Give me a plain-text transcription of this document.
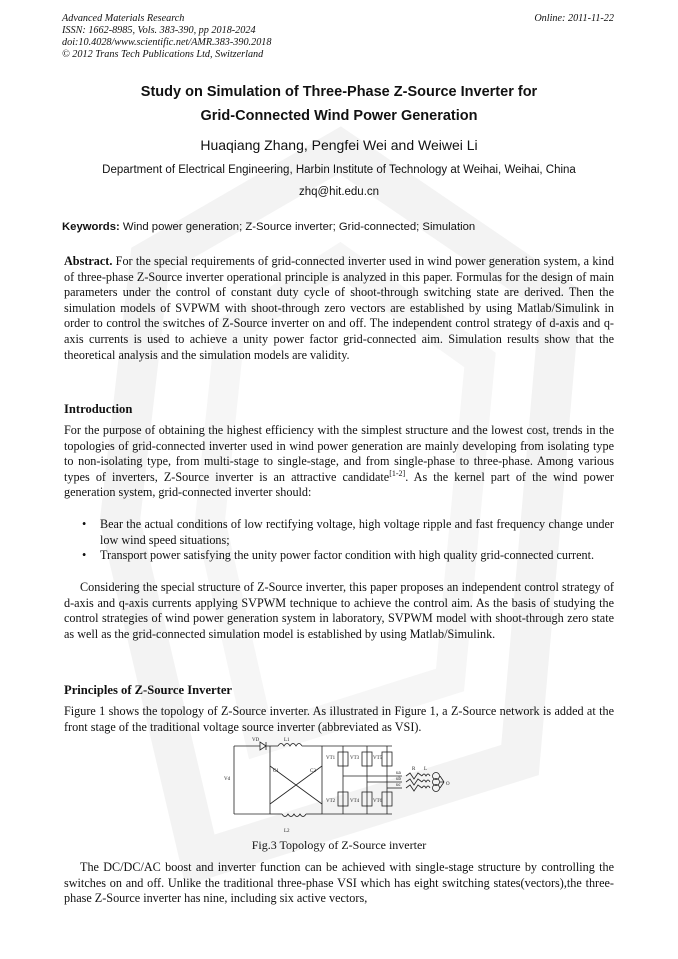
Advanced Materials Research
ISSN: 1662-8985, Vols. 383-390, pp 2018-2024
doi:10.4028/www.scientific.net/AMR.383-390.2018
© 2012 Trans Tech Publications Ltd, Switzerland
Online: 2011-11-22
Study on Simulation of Three-Phase Z-Source Inverter for
Grid-Connected Wind Power Generation
Huaqiang Zhang, Pengfei Wei and Weiwei Li
Department of Electrical Engineering, Harbin Institute of Technology at Weihai, Weihai, China
zhq@hit.edu.cn
Keywords: Wind power generation; Z-Source inverter; Grid-connected; Simulation
Abstract. For the special requirements of grid-connected inverter used in wind power generation system, a kind of three-phase Z-Source inverter operational principle is analyzed in this paper. Formulas for the design of main parameters under the control of constant duty cycle of shoot-through switching state are derived. Then the simulation models of SVPWM with shoot-through zero vectors are established by using Matlab/Simulink in order to control the switches of Z-Source inverter on and off. The independent control strategy of d-axis and q-axis currents is used to achieve a unity power factor grid-connected aim. Simulation results show that the theoretical analysis and the simulation models are validity.
Introduction
For the purpose of obtaining the highest efficiency with the simplest structure and the lowest cost, trends in the topologies of grid-connected inverter used in wind power generation are mainly developing from isolating type to non-isolating type, from multi-stage to single-stage, and from single-phase to three-phase. Among various types of inverters, Z-Source inverter is an attractive candidate[1-2]. As the kernel part of the wind power generation system, grid-connected inverter should:
• Bear the actual conditions of low rectifying voltage, high voltage ripple and fast frequency change under low wind speed situations;
• Transport power satisfying the unity power factor condition with high quality grid-connected current.
Considering the special structure of Z-Source inverter, this paper proposes an independent control strategy of d-axis and q-axis currents applying SVPWM technique to achieve the control aim. As the basis of studying the control strategies of wind power generation system in laboratory, SVPWM model with shoot-through zero state as well as the grid-connected simulation model is established by using Matlab/Simulink.
Principles of Z-Source Inverter
Figure 1 shows the topology of Z-Source inverter. As illustrated in Figure 1, a Z-Source network is added at the front stage of the traditional voltage source inverter (abbreviated as VSI).
VD	L1
Vd
C1	C2
L2
VT1	VT3	VT5
VT2	VT4	VT6
ua
ub
uc
R L
O
Fig.3 Topology of Z-Source inverter
The DC/DC/AC boost and inverter function can be achieved with single-stage structure by controlling the switches on and off. Unlike the traditional three-phase VSI which has eight switching states(vectors),the three-phase Z-Source inverter has nine, including six active vectors,
